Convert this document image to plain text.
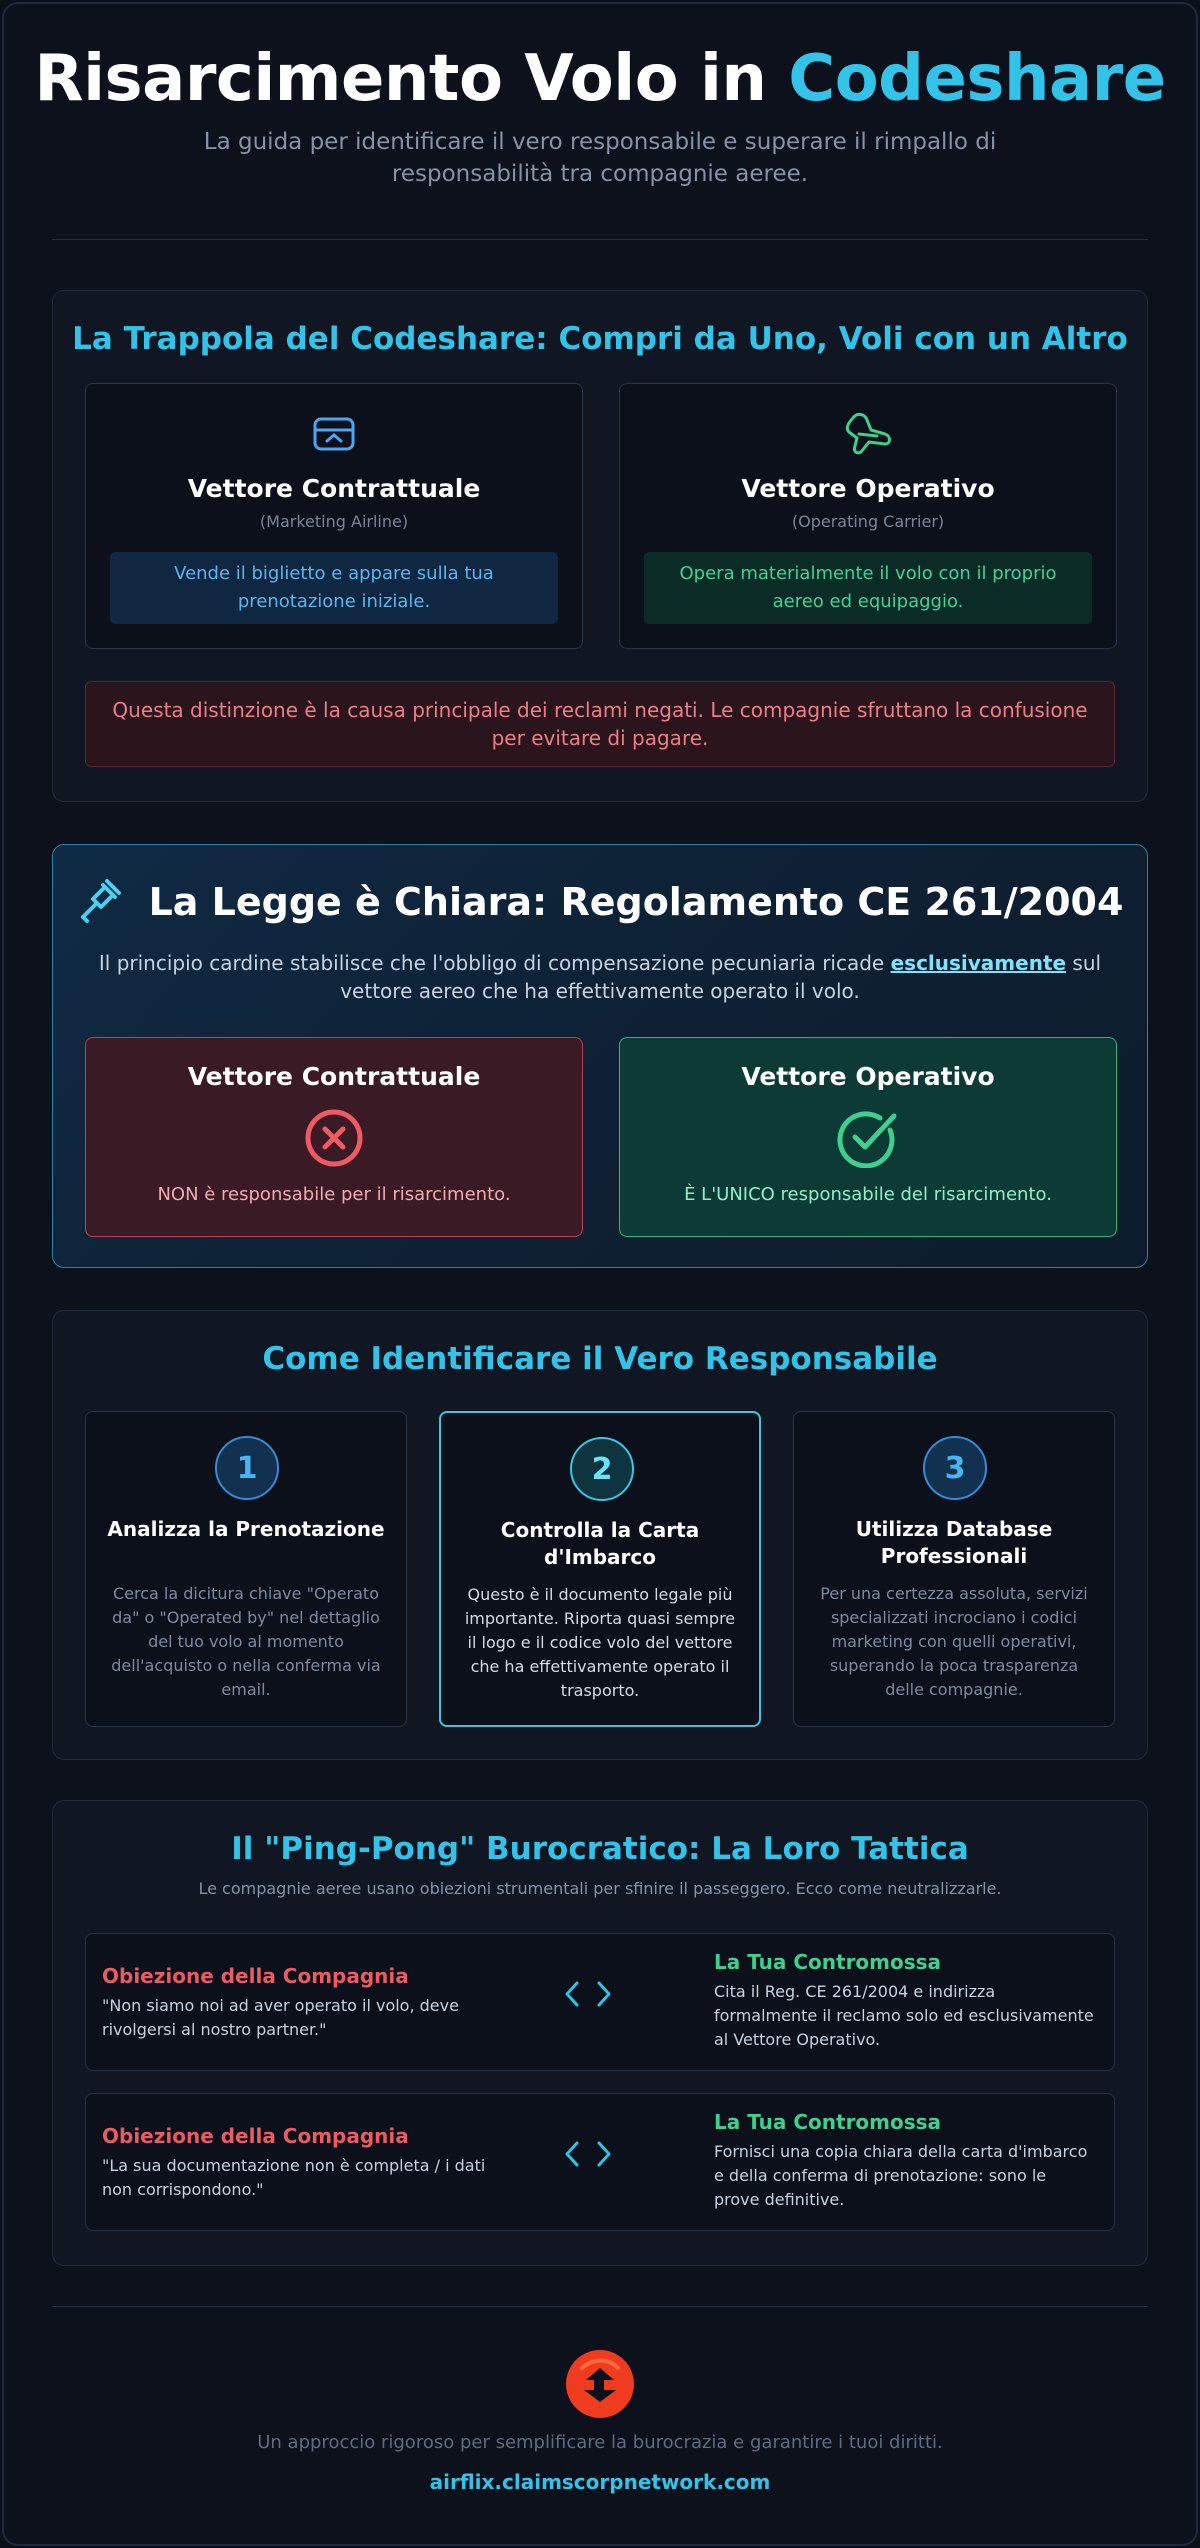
Risarcimento Volo in Codeshare

La guida per identificare il vero responsabile e superare il rimpallo di responsabilità tra compagnie aeree.

La Trappola del Codeshare: Compri da Uno, Voli con un Altro
Vettore Contrattuale
(Marketing Airline)
Vende il biglietto e appare sulla tua prenotazione iniziale.
Vettore Operativo
(Operating Carrier)
Opera materialmente il volo con il proprio aereo ed equipaggio.
Questa distinzione è la causa principale dei reclami negati. Le compagnie sfruttano la confusione per evitare di pagare.
La Legge è Chiara: Regolamento CE 261/2004

Il principio cardine stabilisce che l'obbligo di compensazione pecuniaria ricade esclusivamente sul vettore aereo che ha effettivamente operato il volo.

Vettore Contrattuale
NON è responsabile per il risarcimento.
Vettore Operativo
È L'UNICO responsabile del risarcimento.
Come Identificare il Vero Responsabile
1
Analizza la Prenotazione
Cerca la dicitura chiave "Operato da" o "Operated by" nel dettaglio del tuo volo al momento dell'acquisto o nella conferma via email.
2
Controlla la Carta d'Imbarco
Questo è il documento legale più importante. Riporta quasi sempre il logo e il codice volo del vettore che ha effettivamente operato il trasporto.
3
Utilizza Database Professionali
Per una certezza assoluta, servizi specializzati incrociano i codici marketing con quelli operativi, superando la poca trasparenza delle compagnie.
Il "Ping-Pong" Burocratico: La Loro Tattica

Le compagnie aeree usano obiezioni strumentali per sfinire il passeggero. Ecco come neutralizzarle.

Obiezione della Compagnia
"Non siamo noi ad aver operato il volo, deve rivolgersi al nostro partner."
La Tua Contromossa
Cita il Reg. CE 261/2004 e indirizza formalmente il reclamo solo ed esclusivamente al Vettore Operativo.
Obiezione della Compagnia
"La sua documentazione non è completa / i dati non corrispondono."
La Tua Contromossa
Fornisci una copia chiara della carta d'imbarco e della conferma di prenotazione: sono le prove definitive.

Un approccio rigoroso per semplificare la burocrazia e garantire i tuoi diritti.

airflix.claimscorpnetwork.com
